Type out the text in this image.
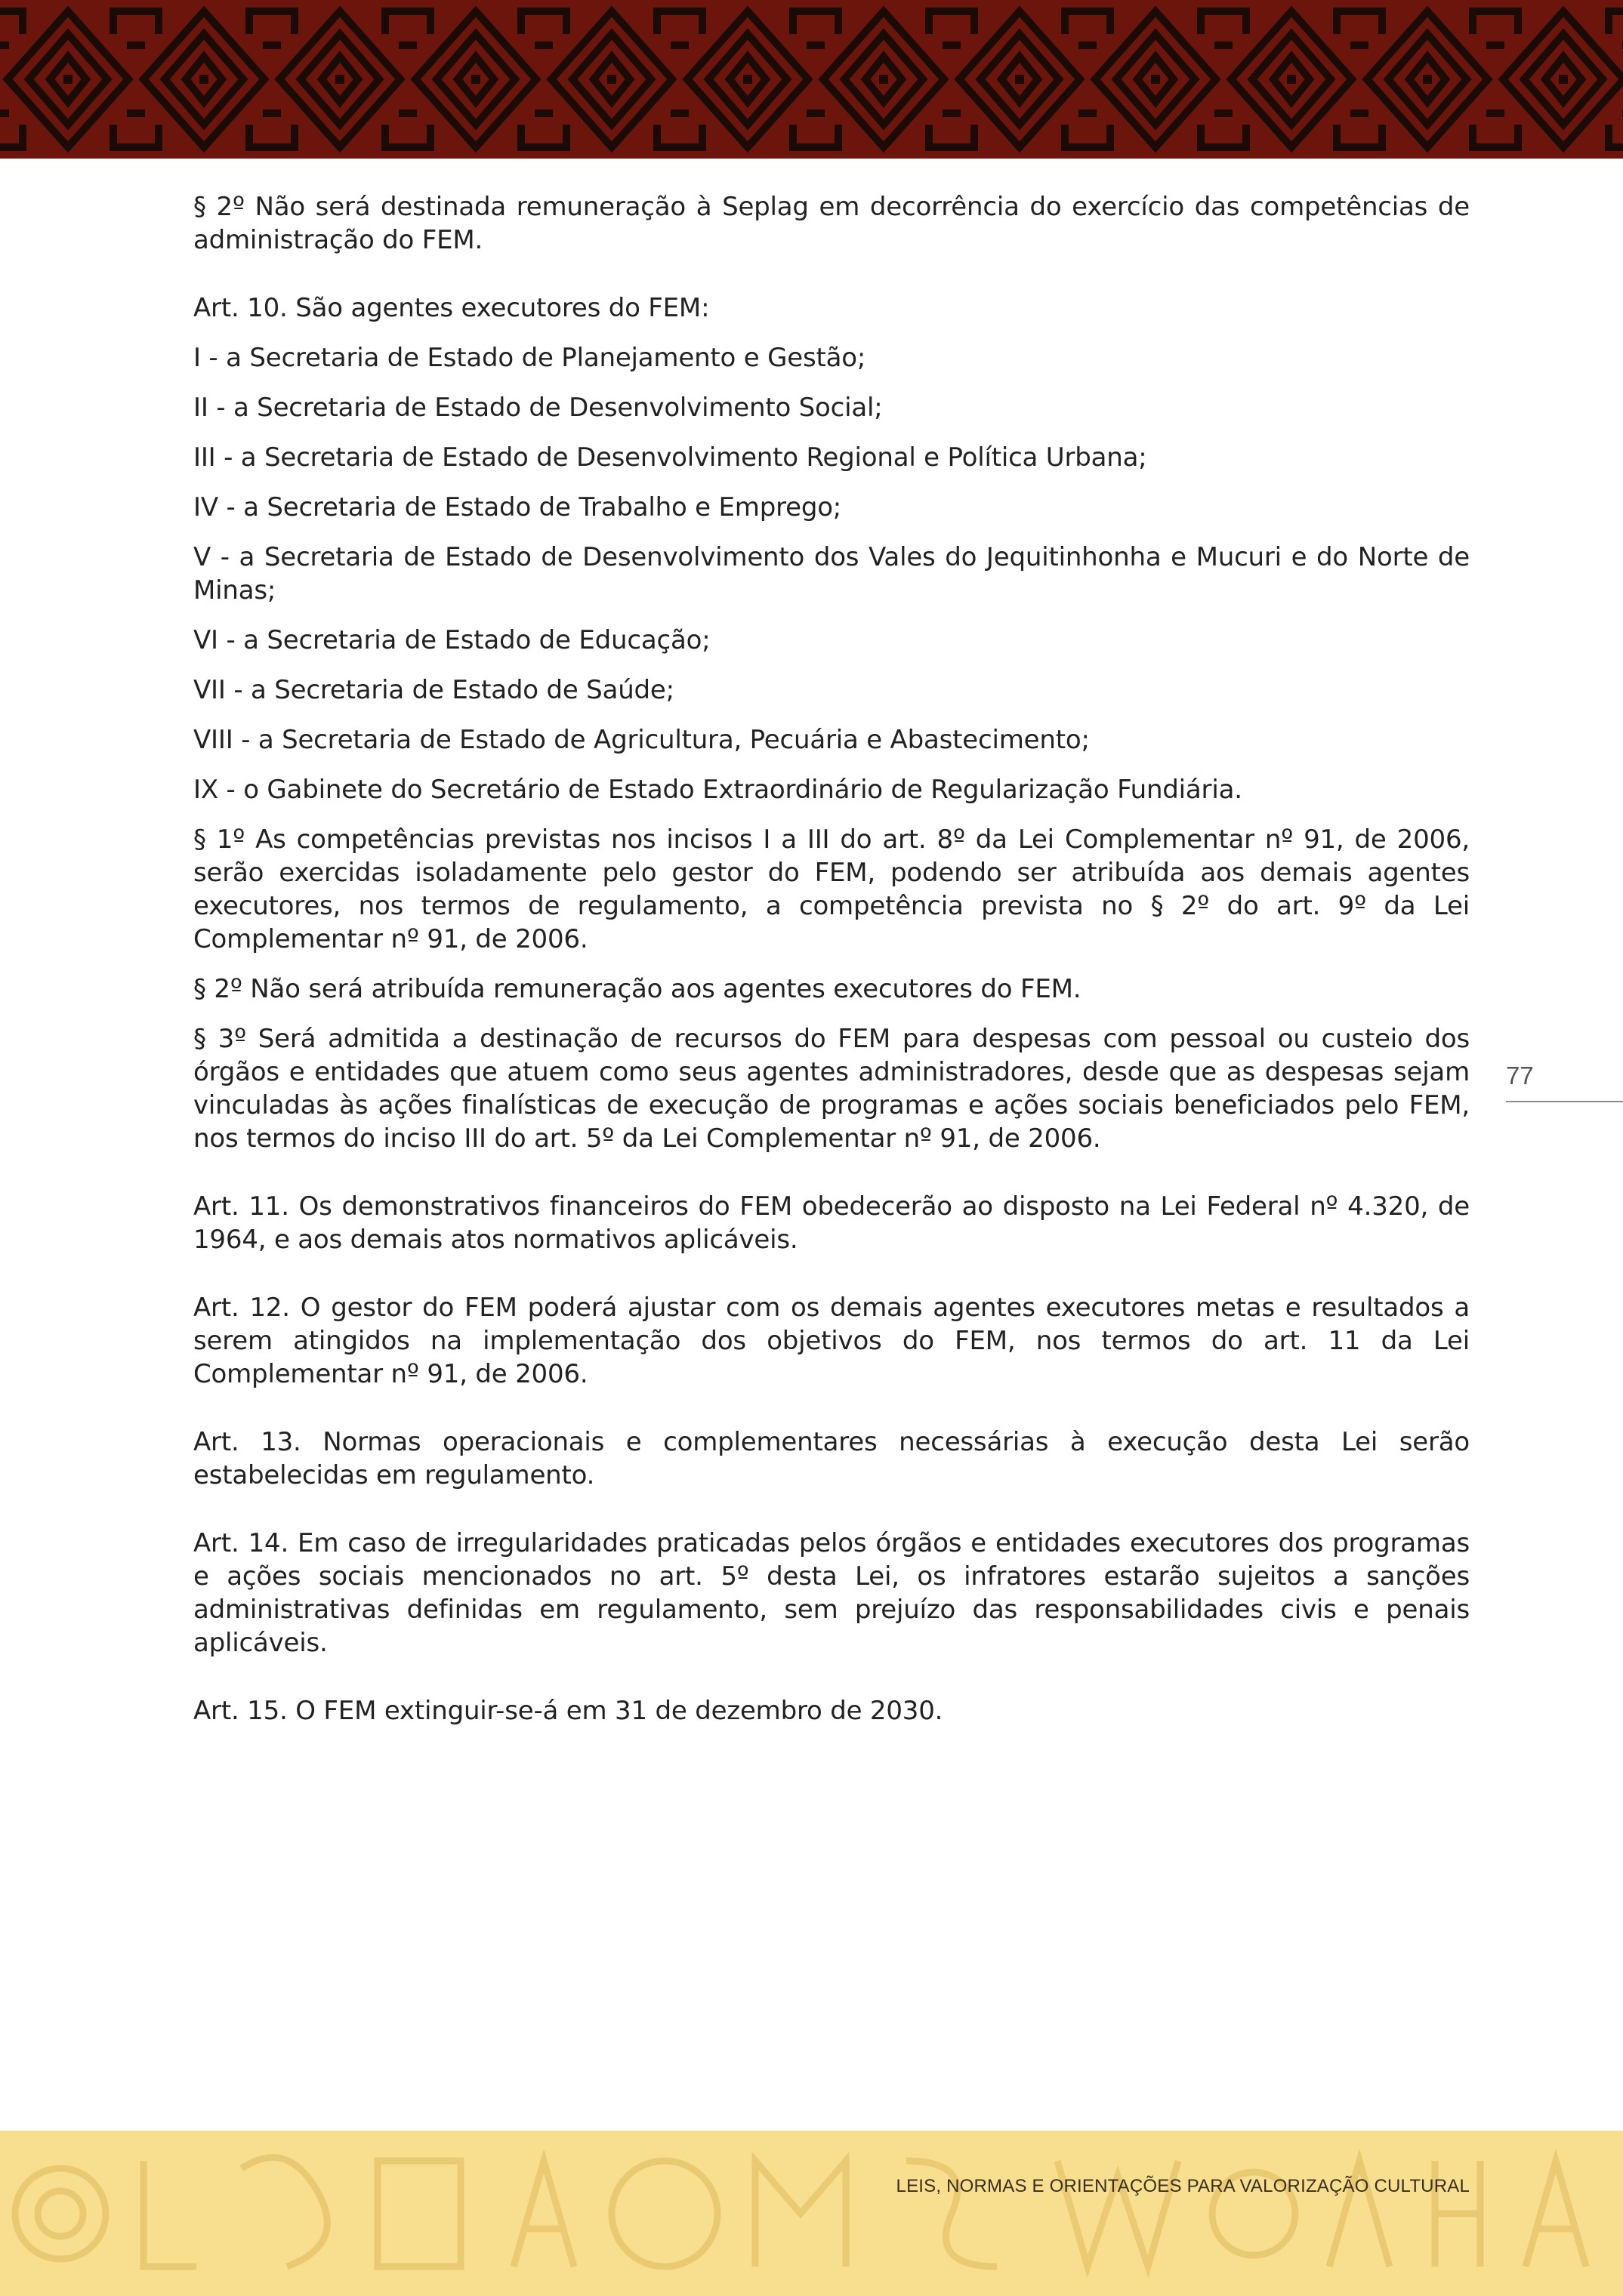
§ 2º Não será destinada remuneração à Seplag em decorrência do exercício das competências de administração do FEM.

Art. 10. São agentes executores do FEM:

I - a Secretaria de Estado de Planejamento e Gestão;

II - a Secretaria de Estado de Desenvolvimento Social;

III - a Secretaria de Estado de Desenvolvimento Regional e Política Urbana;

IV - a Secretaria de Estado de Trabalho e Emprego;

V - a Secretaria de Estado de Desenvolvimento dos Vales do Jequitinhonha e Mucuri e do Norte de Minas;

VI - a Secretaria de Estado de Educação;

VII - a Secretaria de Estado de Saúde;

VIII - a Secretaria de Estado de Agricultura, Pecuária e Abastecimento;

IX - o Gabinete do Secretário de Estado Extraordinário de Regularização Fundiária.

§ 1º As competências previstas nos incisos I a III do art. 8º da Lei Complementar nº 91, de 2006, serão exercidas isoladamente pelo gestor do FEM, podendo ser atribuída aos demais agentes executores, nos termos de regulamento, a competência prevista no § 2º do art. 9º da Lei Complementar nº 91, de 2006.

§ 2º Não será atribuída remuneração aos agentes executores do FEM.

§ 3º Será admitida a destinação de recursos do FEM para despesas com pessoal ou custeio dos órgãos e entidades que atuem como seus agentes administradores, desde que as despesas sejam vinculadas às ações finalísticas de execução de programas e ações sociais beneficiados pelo FEM, nos termos do inciso III do art. 5º da Lei Complementar nº 91, de 2006.

Art. 11. Os demonstrativos financeiros do FEM obedecerão ao disposto na Lei Federal nº 4.320, de 1964, e aos demais atos normativos aplicáveis.

Art. 12. O gestor do FEM poderá ajustar com os demais agentes executores metas e resultados a serem atingidos na implementação dos objetivos do FEM, nos termos do art. 11 da Lei Complementar nº 91, de 2006.

Art. 13. Normas operacionais e complementares necessárias à execução desta Lei serão estabelecidas em regulamento.

Art. 14. Em caso de irregularidades praticadas pelos órgãos e entidades executores dos programas e ações sociais mencionados no art. 5º desta Lei, os infratores estarão sujeitos a sanções administrativas definidas em regulamento, sem prejuízo das responsabilidades civis e penais aplicáveis.

Art. 15. O FEM extinguir-se-á em 31 de dezembro de 2030.

77
LEIS, NORMAS E ORIENTAÇÕES PARA VALORIZAÇÃO CULTURAL
